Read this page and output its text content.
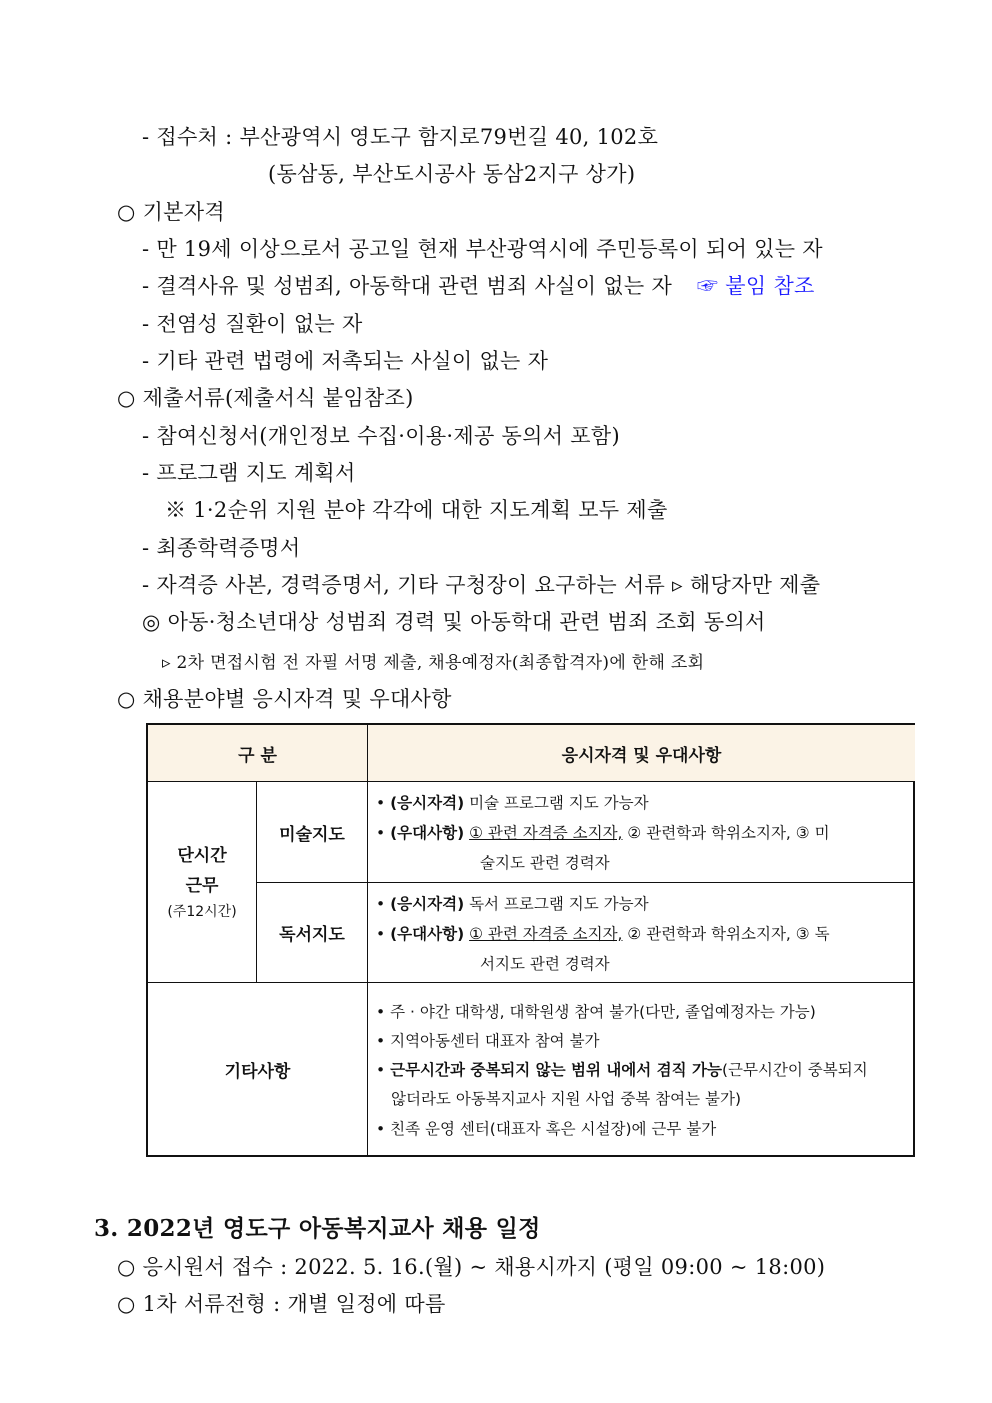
- 접수처 : 부산광역시 영도구 함지로79번길 40, 102호
(동삼동, 부산도시공사 동삼2지구 상가)
○ 기본자격
- 만 19세 이상으로서 공고일 현재 부산광역시에 주민등록이 되어 있는 자
- 결격사유 및 성범죄, 아동학대 관련 범죄 사실이 없는 자 ☞ 붙임 참조
- 전염성 질환이 없는 자
- 기타 관련 법령에 저촉되는 사실이 없는 자
○ 제출서류(제출서식 붙임참조)
- 참여신청서(개인정보 수집·이용·제공 동의서 포함)
- 프로그램 지도 계획서
※ 1·2순위 지원 분야 각각에 대한 지도계획 모두 제출
- 최종학력증명서
- 자격증 사본, 경력증명서, 기타 구청장이 요구하는 서류 ▹ 해당자만 제출
◎ 아동·청소년대상 성범죄 경력 및 아동학대 관련 범죄 조회 동의서
▹ 2차 면접시험 전 자필 서명 제출, 채용예정자(최종합격자)에 한해 조회
○ 채용분야별 응시자격 및 우대사항
구 분	응시자격 및 우대사항
단시간
근무
(주12시간)
미술지도
• (응시자격) 미술 프로그램 지도 가능자
• (우대사항) ① 관련 자격증 소지자, ② 관련학과 학위소지자, ③ 미
술지도 관련 경력자
독서지도
• (응시자격) 독서 프로그램 지도 가능자
• (우대사항) ① 관련 자격증 소지자, ② 관련학과 학위소지자, ③ 독
서지도 관련 경력자
기타사항
• 주 · 야간 대학생, 대학원생 참여 불가(다만, 졸업예정자는 가능)
• 지역아동센터 대표자 참여 불가
• 근무시간과 중복되지 않는 범위 내에서 겸직 가능(근무시간이 중복되지
않더라도 아동복지교사 지원 사업 중복 참여는 불가)
• 친족 운영 센터(대표자 혹은 시설장)에 근무 불가
3. 2022년 영도구 아동복지교사 채용 일정
○ 응시원서 접수 : 2022. 5. 16.(월) ~ 채용시까지 (평일 09:00 ~ 18:00)
○ 1차 서류전형 : 개별 일정에 따름
